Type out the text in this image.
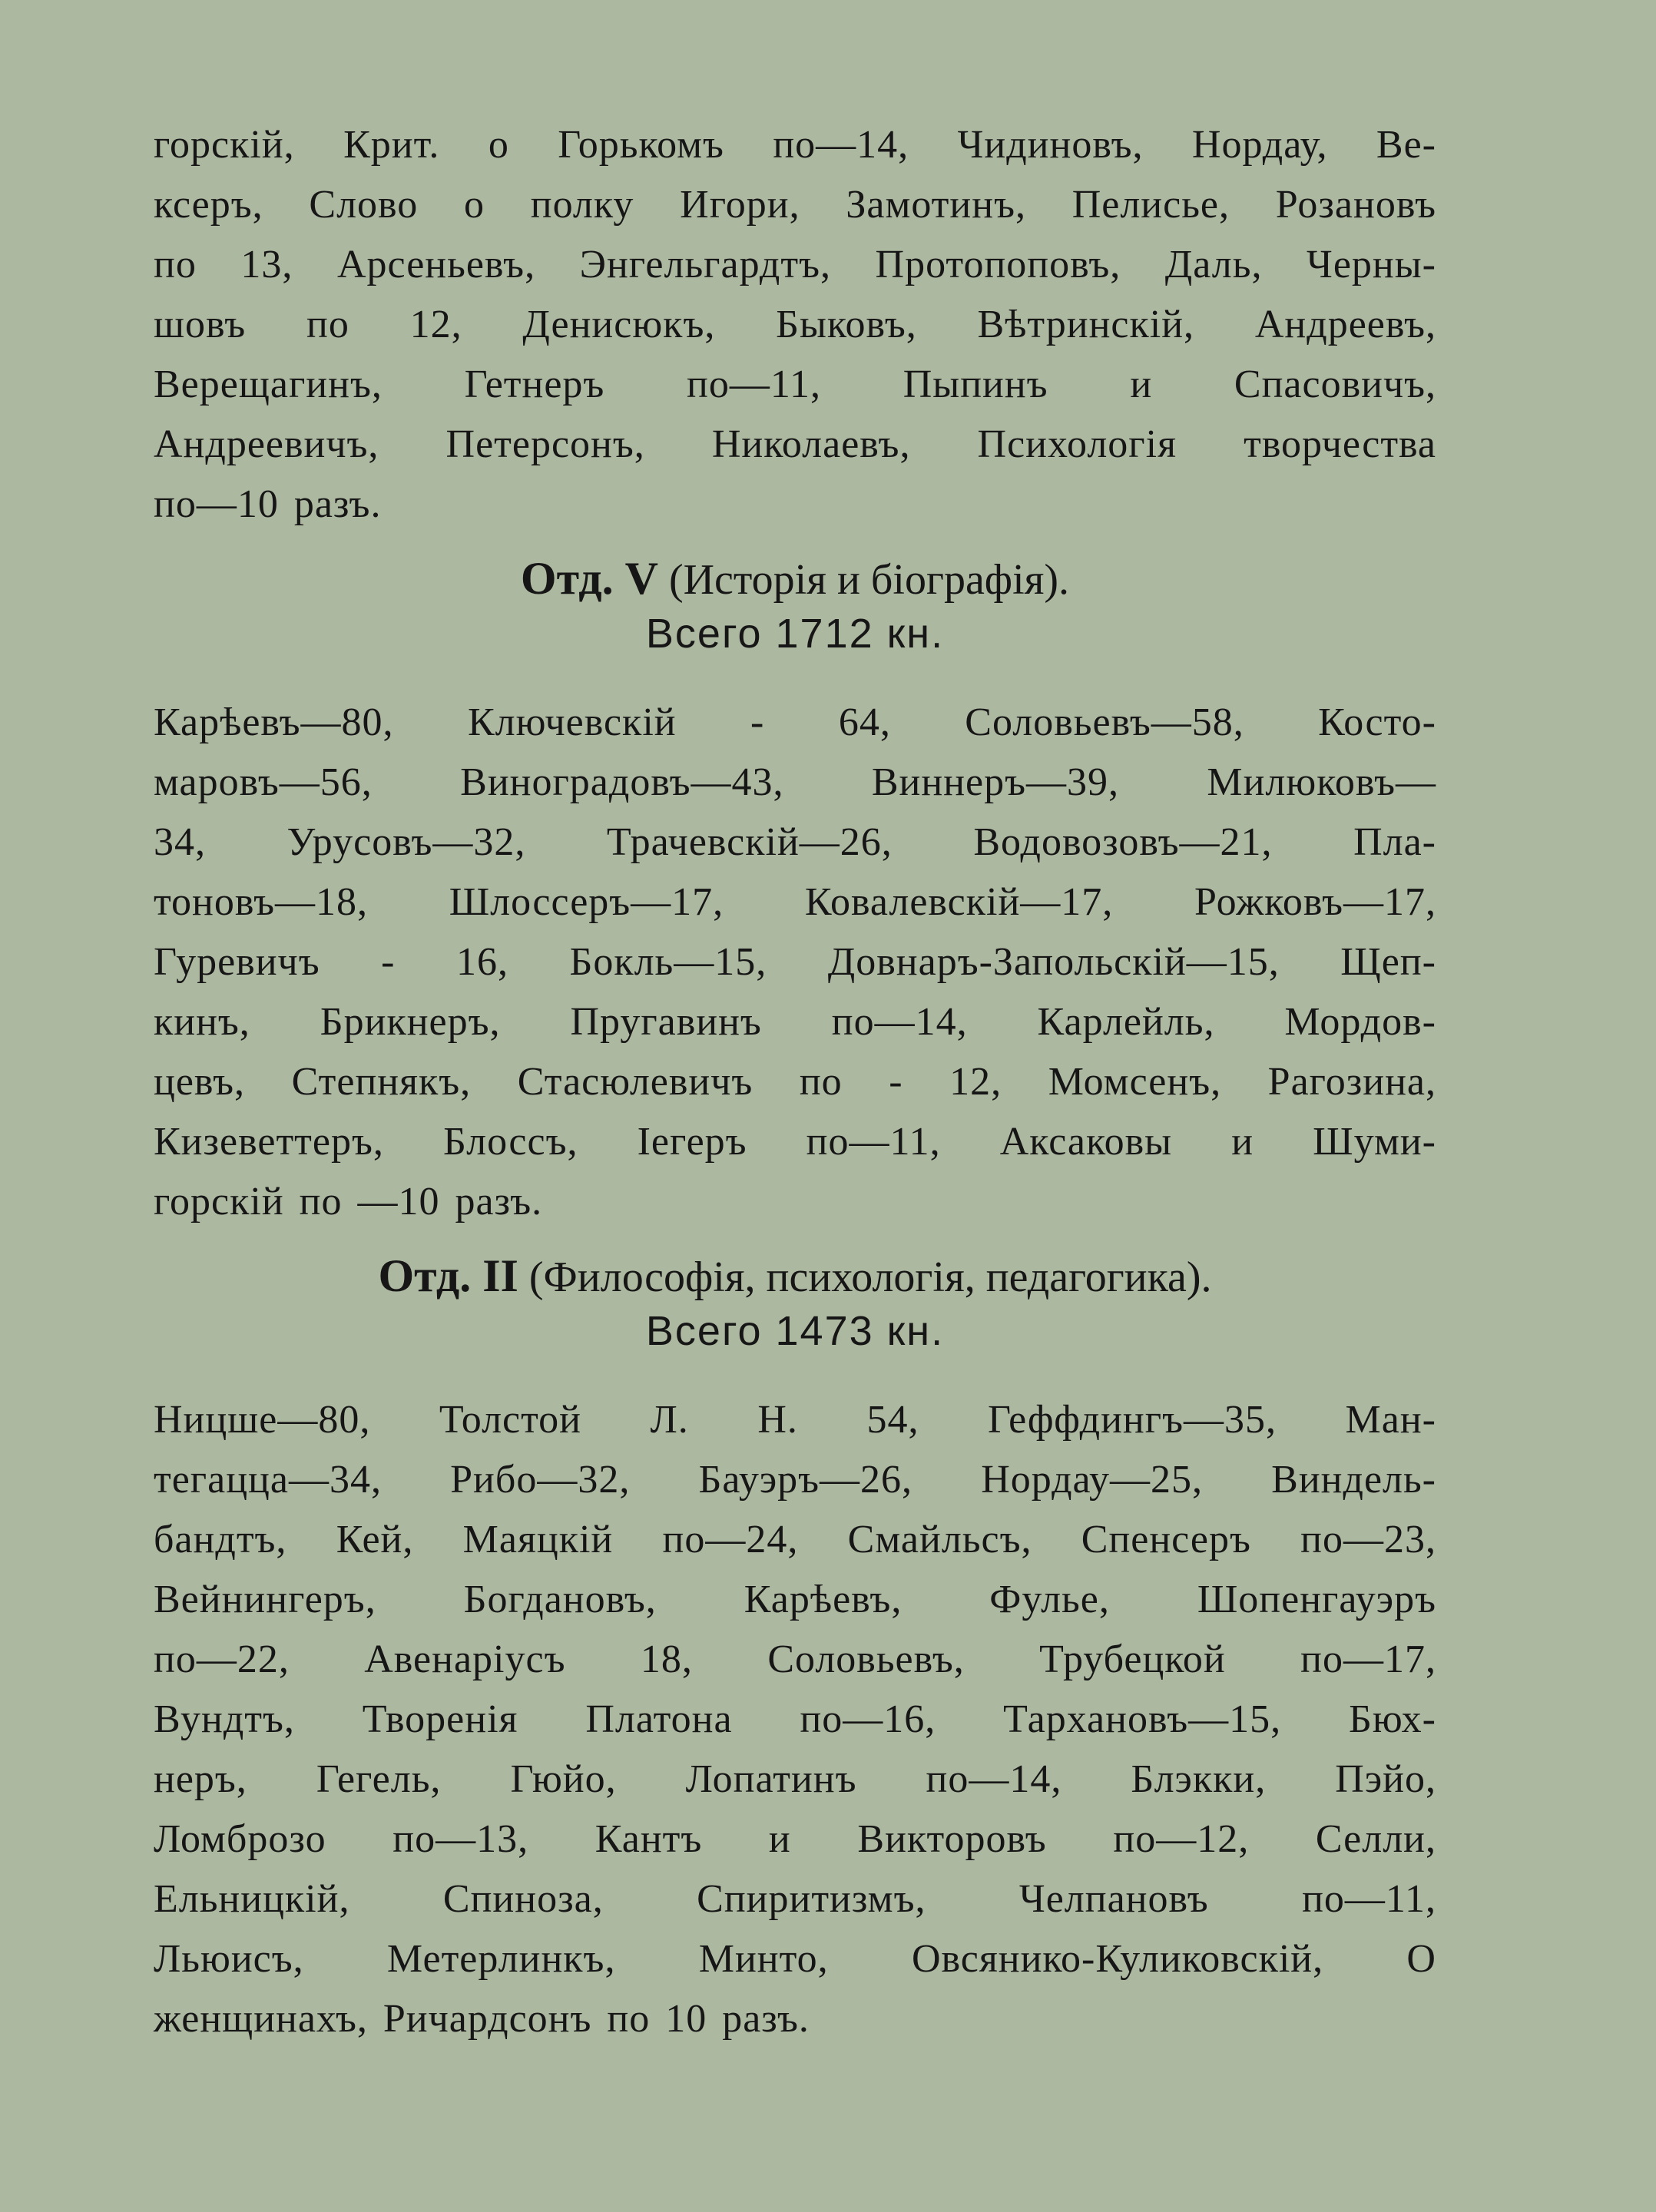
горскій, Крит. о Горькомъ по—14, Чидиновъ, Нордау, Ве-
ксеръ, Слово о полку Игори, Замотинъ, Пелисье, Розановъ
по 13, Арсеньевъ, Энгельгардтъ, Протопоповъ, Даль, Черны-
шовъ по 12, Денисюкъ, Быковъ, Вѣтринскій, Андреевъ,
Верещагинъ, Гетнеръ по—11, Пыпинъ и Спасовичъ,
Андреевичъ, Петерсонъ, Николаевъ, Психологія творчества
по—10 разъ.
Отд. V (Исторія и біографія).
Всего 1712 кн.
Карѣевъ—80, Ключевскій - 64, Соловьевъ—58, Косто-
маровъ—56, Виноградовъ—43, Виннеръ—39, Милюковъ—
34, Урусовъ—32, Трачевскій—26, Водовозовъ—21, Пла-
тоновъ—18, Шлоссеръ—17, Ковалевскій—17, Рожковъ—17,
Гуревичъ - 16, Бокль—15, Довнаръ-Запольскій—15, Щеп-
кинъ, Брикнеръ, Пругавинъ по—14, Карлейль, Мордов-
цевъ, Степнякъ, Стасюлевичъ по - 12, Момсенъ, Рагозина,
Кизеветтеръ, Блоссъ, Іегеръ по—11, Аксаковы и Шуми-
горскій по —10 разъ.
Отд. II (Философія, психологія, педагогика).
Всего 1473 кн.
Ницше—80, Толстой Л. Н. 54, Геффдингъ—35, Ман-
тегацца—34, Рибо—32, Бауэръ—26, Нордау—25, Виндель-
бандтъ, Кей, Маяцкій по—24, Смайльсъ, Спенсеръ по—23,
Вейнингеръ, Богдановъ, Карѣевъ, Фулье, Шопенгауэръ
по—22, Авенаріусъ 18, Соловьевъ, Трубецкой по—17,
Вундтъ, Творенія Платона по—16, Тархановъ—15, Бюх-
неръ, Гегель, Гюйо, Лопатинъ по—14, Блэкки, Пэйо,
Ломброзо по—13, Кантъ и Викторовъ по—12, Селли,
Ельницкій, Спиноза, Спиритизмъ, Челпановъ по—11,
Льюисъ, Метерлинкъ, Минто, Овсянико-Куликовскій, О
женщинахъ, Ричардсонъ по 10 разъ.
